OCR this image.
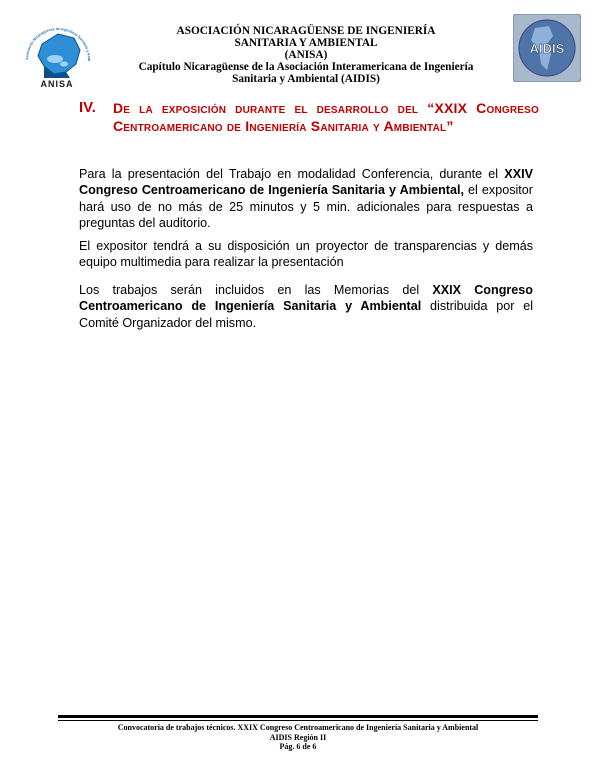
Asociación Nicaragüense de Ingeniería Sanitaria y Amb
ANISA
ASOCIACIÓN NICARAGÜENSE DE INGENIERÍA
SANITARIA Y AMBIENTAL
(ANISA)
Capítulo Nicaragüense de la Asociación Interamericana de Ingeniería
Sanitaria y Ambiental (AIDIS)
AIDIS
IV. De la exposición durante el desarrollo del “XXIX Congreso Centroamericano de Ingeniería Sanitaria y Ambiental”
Para la presentación del Trabajo en modalidad Conferencia, durante el XXIV Congreso Centroamericano de Ingeniería Sanitaria y Ambiental, el expositor hará uso de no más de 25 minutos y 5 min. adicionales para respuestas a preguntas del auditorio.
El expositor tendrá a su disposición un proyector de transparencias y demás equipo multimedia para realizar la presentación
Los trabajos serán incluidos en las Memorias del XXIX Congreso Centroamericano de Ingeniería Sanitaria y Ambiental distribuida por el Comité Organizador del mismo.
Convocatoria de trabajos técnicos. XXIX Congreso Centroamericano de Ingeniería Sanitaria y Ambiental
AIDIS Región II
Pág. 6 de 6
